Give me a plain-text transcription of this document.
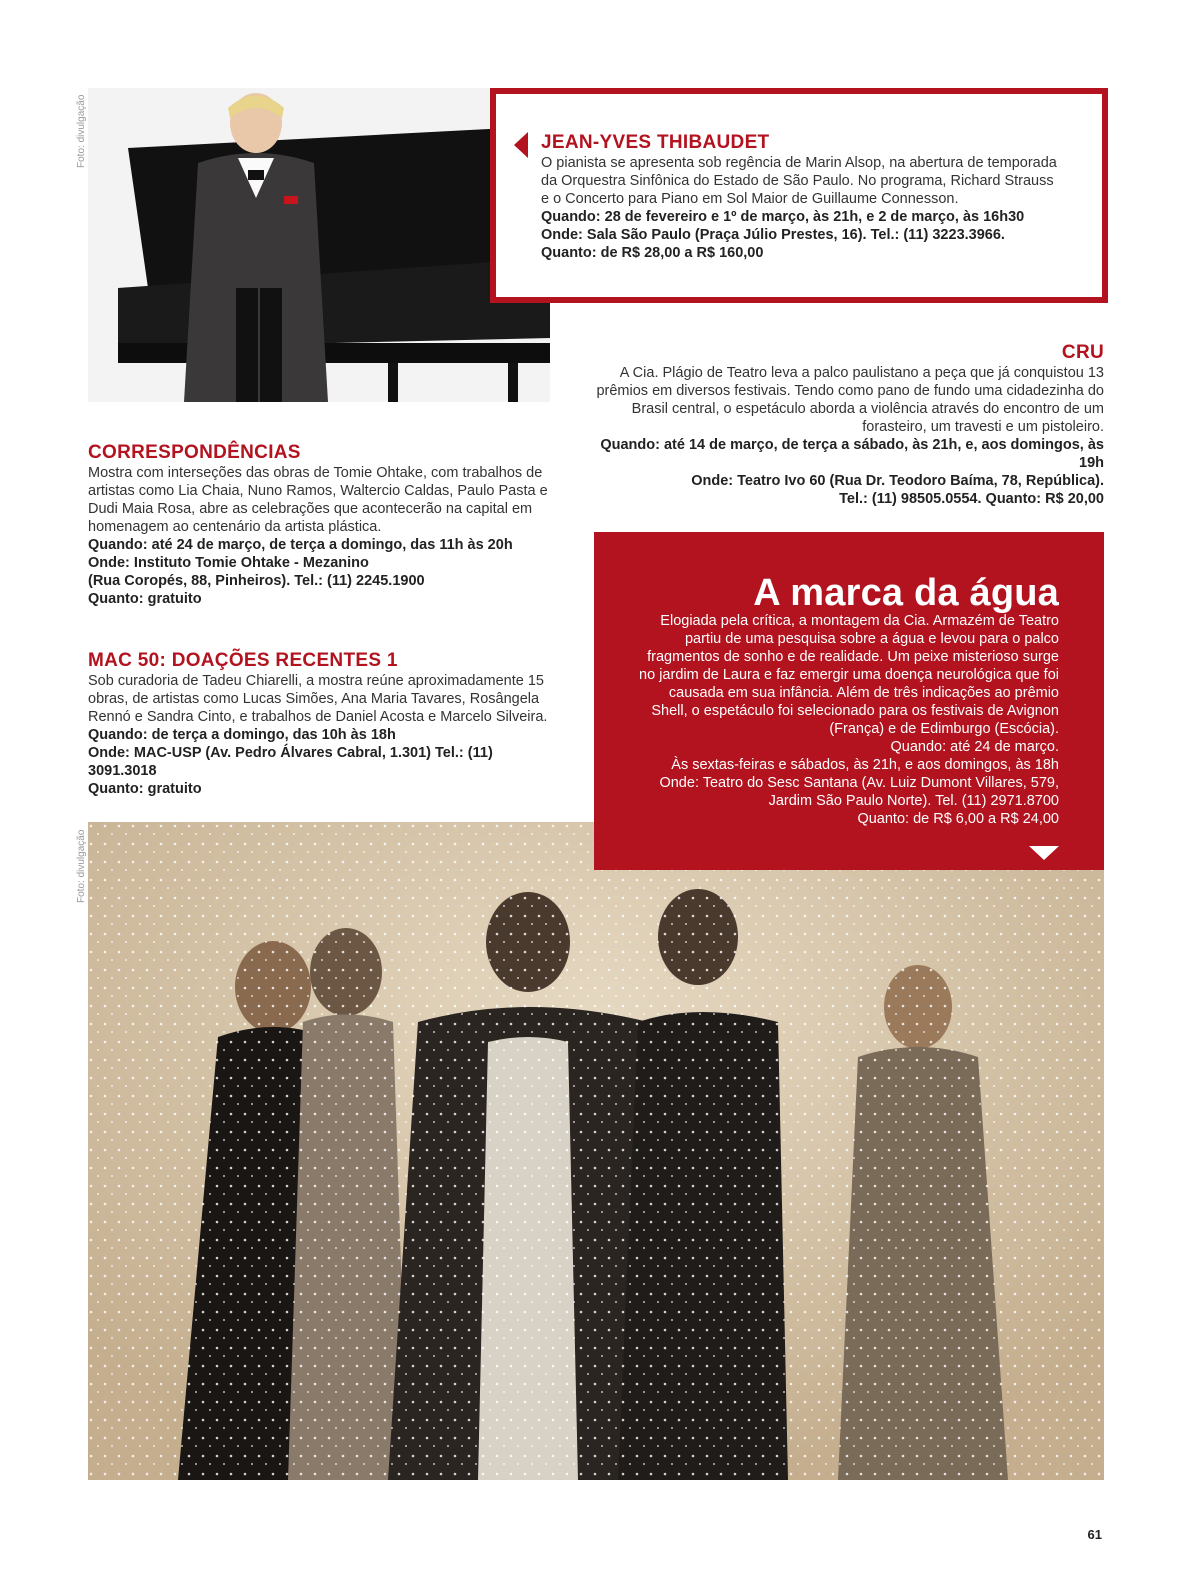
Foto: divulgação
Foto: divulgação
JEAN-YVES THIBAUDET

O pianista se apresenta sob regência de Marin Alsop, na abertura de temporada da Orquestra Sinfônica do Estado de São Paulo. No programa, Richard Strauss e o Concerto para Piano em Sol Maior de Guillaume Connesson.

Quando: 28 de fevereiro e 1º de março, às 21h, e 2 de março, às 16h30

Onde: Sala São Paulo (Praça Júlio Prestes, 16). Tel.: (11) 3223.3966.

Quanto: de R$ 28,00 a R$ 160,00

CRU

A Cia. Plágio de Teatro leva a palco paulistano a peça que já conquistou 13 prêmios em diversos festivais. Tendo como pano de fundo uma cidadezinha do Brasil central, o espetáculo aborda a violência através do encontro de um forasteiro, um travesti e um pistoleiro.

Quando: até 14 de março, de terça a sábado, às 21h, e, aos domingos, às 19h

Onde: Teatro Ivo 60 (Rua Dr. Teodoro Baíma, 78, República).

Tel.: (11) 98505.0554. Quanto: R$ 20,00

CORRESPONDÊNCIAS

Mostra com interseções das obras de Tomie Ohtake, com trabalhos de artistas como Lia Chaia, Nuno Ramos, Waltercio Caldas, Paulo Pasta e Dudi Maia Rosa, abre as celebrações que acontecerão na capital em homenagem ao centenário da artista plástica.

Quando: até 24 de março, de terça a domingo, das 11h às 20h

Onde: Instituto Tomie Ohtake - Mezanino

(Rua Coropés, 88, Pinheiros). Tel.: (11) 2245.1900

Quanto: gratuito

MAC 50: DOAÇÕES RECENTES 1

Sob curadoria de Tadeu Chiarelli, a mostra reúne aproximadamente 15 obras, de artistas como Lucas Simões, Ana Maria Tavares, Rosângela Rennó e Sandra Cinto, e trabalhos de Daniel Acosta e Marcelo Silveira.

Quando: de terça a domingo, das 10h às 18h

Onde: MAC-USP (Av. Pedro Álvares Cabral, 1.301) Tel.: (11) 3091.3018

Quanto: gratuito

A marca da água

Elogiada pela crítica, a montagem da Cia. Armazém de Teatro partiu de uma pesquisa sobre a água e levou para o palco fragmentos de sonho e de realidade. Um peixe misterioso surge no jardim de Laura e faz emergir uma doença neurológica que foi causada em sua infância. Além de três indicações ao prêmio Shell, o espetáculo foi selecionado para os festivais de Avignon (França) e de Edimburgo (Escócia).

Quando: até 24 de março.

Às sextas-feiras e sábados, às 21h, e aos domingos, às 18h

Onde: Teatro do Sesc Santana (Av. Luiz Dumont Villares, 579, Jardim São Paulo Norte). Tel. (11) 2971.8700

Quanto: de R$ 6,00 a R$ 24,00

61
